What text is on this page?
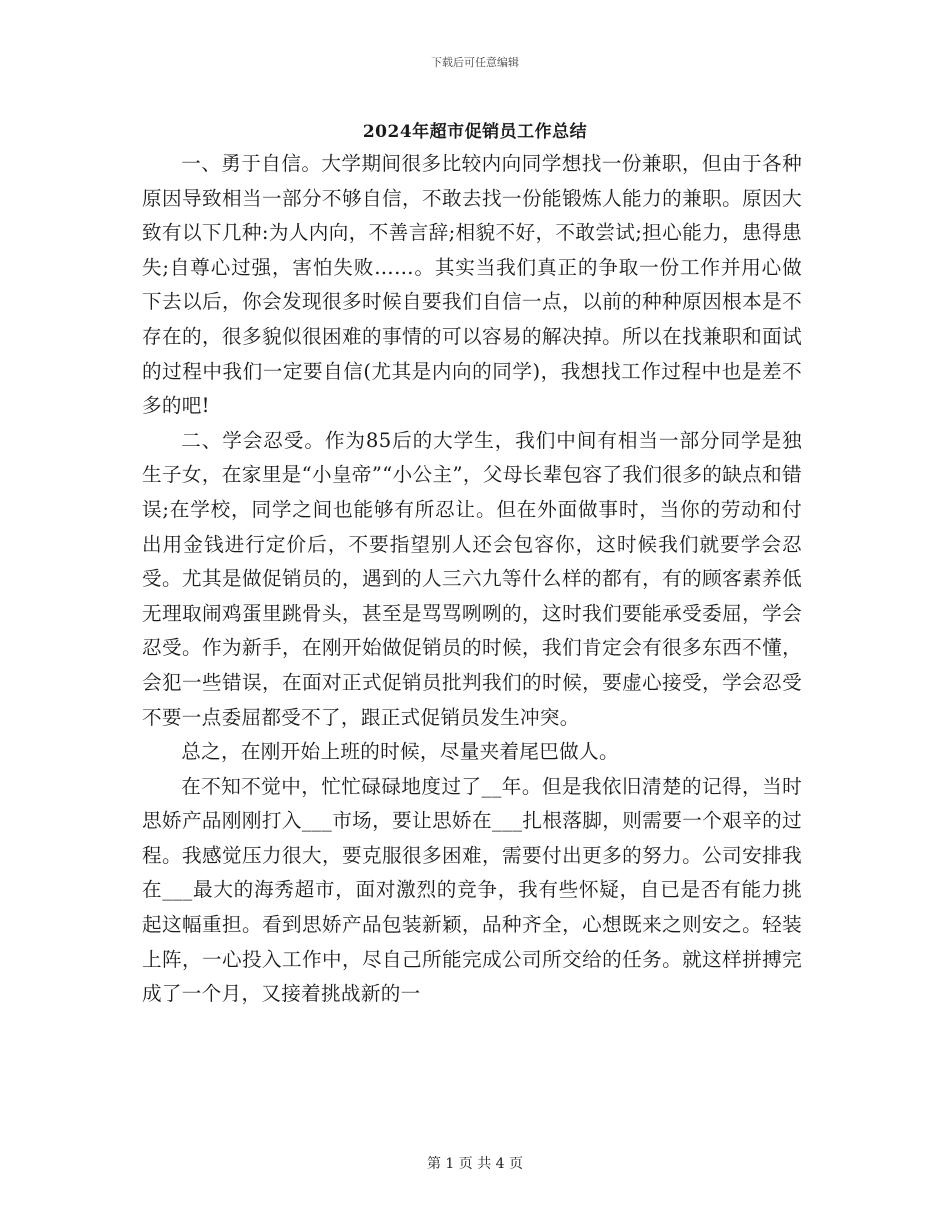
下载后可任意编辑
2024年超市促销员工作总结

一、勇于自信。大学期间很多比较内向同学想找一份兼职，但由于各种原因导致相当一部分不够自信，不敢去找一份能锻炼人能力的兼职。原因大致有以下几种:为人内向，不善言辞;相貌不好，不敢尝试;担心能力，患得患失;自尊心过强，害怕失败……。其实当我们真正的争取一份工作并用心做下去以后，你会发现很多时候自要我们自信一点，以前的种种原因根本是不存在的，很多貌似很困难的事情的可以容易的解决掉。所以在找兼职和面试的过程中我们一定要自信(尤其是内向的同学)，我想找工作过程中也是差不多的吧!

二、学会忍受。作为85后的大学生，我们中间有相当一部分同学是独生子女，在家里是“小皇帝”“小公主”，父母长辈包容了我们很多的缺点和错误;在学校，同学之间也能够有所忍让。但在外面做事时，当你的劳动和付出用金钱进行定价后，不要指望别人还会包容你，这时候我们就要学会忍受。尤其是做促销员的，遇到的人三六九等什么样的都有，有的顾客素养低无理取闹鸡蛋里跳骨头，甚至是骂骂咧咧的，这时我们要能承受委屈，学会忍受。作为新手，在刚开始做促销员的时候，我们肯定会有很多东西不懂，会犯一些错误，在面对正式促销员批判我们的时候，要虚心接受，学会忍受不要一点委屈都受不了，跟正式促销员发生冲突。

总之，在刚开始上班的时候，尽量夹着尾巴做人。

在不知不觉中，忙忙碌碌地度过了__年。但是我依旧清楚的记得，当时思娇产品刚刚打入___市场，要让思娇在___扎根落脚，则需要一个艰辛的过程。我感觉压力很大，要克服很多困难，需要付出更多的努力。公司安排我在___最大的海秀超市，面对激烈的竞争，我有些怀疑，自已是否有能力挑起这幅重担。看到思娇产品包装新颖，品种齐全，心想既来之则安之。轻装上阵，一心投入工作中，尽自己所能完成公司所交给的任务。就这样拼搏完成了一个月，又接着挑战新的一

第 1 页 共 4 页
